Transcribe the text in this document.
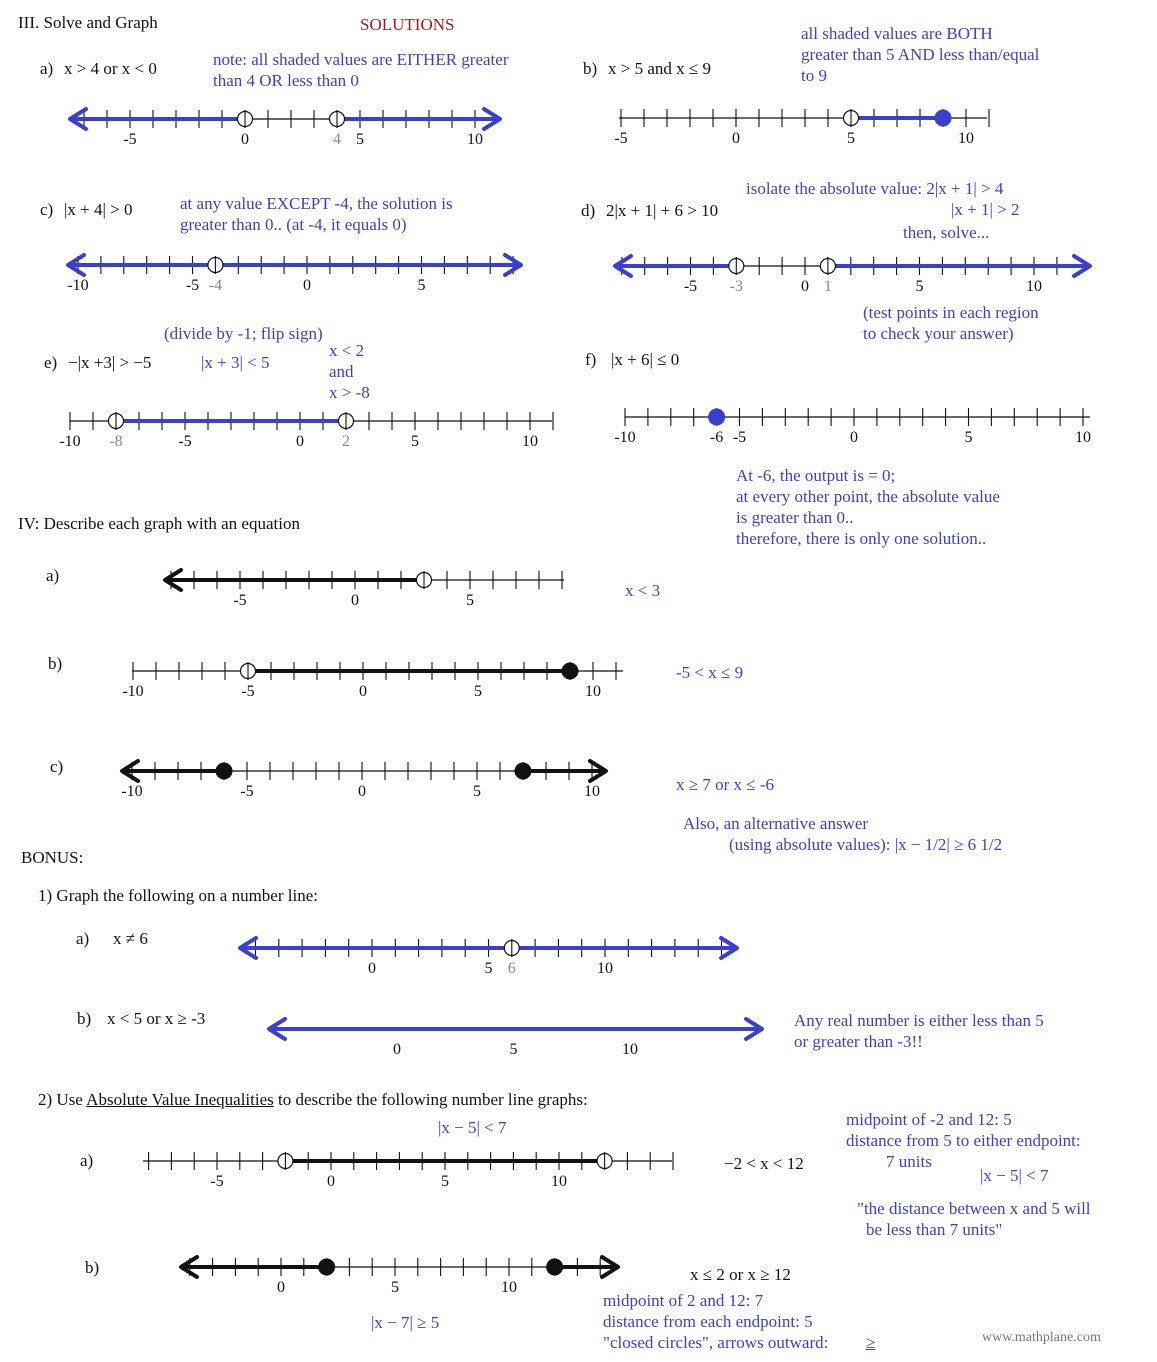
III. Solve and Graph	SOLUTIONS
a) x > 4 or x < 0	note: all shaded values are EITHER greater
than 4 OR less than 0
-5	0	5	10
4
b) x > 5 and x ≤ 9
all shaded values are BOTH
greater than 5 AND less than/equal
to 9
-5	0	5	10
c) |x + 4| > 0	at any value EXCEPT -4, the solution is
greater than 0.. (at -4, it equals 0)
-10	-5	0	5
-4
d) 2|x + 1| + 6 > 10
isolate the absolute value: 2|x + 1| > 4
|x + 1| > 2
then, solve...
(test points in each region
to check your answer)
-5	0	5	10
-3	1
(divide by -1; flip sign)
e) −|x +3| > −5	|x + 3| < 5
x < 2
and
x > -8
-10	-5	0	5	10
-8	2
f) |x + 6| ≤ 0
At -6, the output is = 0;
at every other point, the absolute value
is greater than 0..
therefore, there is only one solution..
-10	-5	0	5	10
-6
IV: Describe each graph with an equation
a)
-5	0	5
x < 3
b)
-10	-5	0	5	10
-5 < x ≤ 9
c)
-10	-5	0	5	10	x ≥ 7 or x ≤ -6
Also, an alternative answer
(using absolute values): |x − 1/2| ≥ 6 1/2
BONUS:
1) Graph the following on a number line:
a) x ≠ 6
0	5	10
6
b) x < 5 or x ≥ -3
0	5	10
Any real number is either less than 5
or greater than -3!!
2) Use Absolute Value Inequalities to describe the following number line graphs:
|x − 5| < 7
a)
-5	0	5	10
−2 < x < 12
midpoint of -2 and 12: 5
distance from 5 to either endpoint:
7 units
|x − 5| < 7
"the distance between x and 5 will
be less than 7 units"
b)
0	5	10
x ≤ 2 or x ≥ 12
|x − 7| ≥ 5
midpoint of 2 and 12: 7
distance from each endpoint: 5
"closed circles", arrows outward: ≥	www.mathplane.com
